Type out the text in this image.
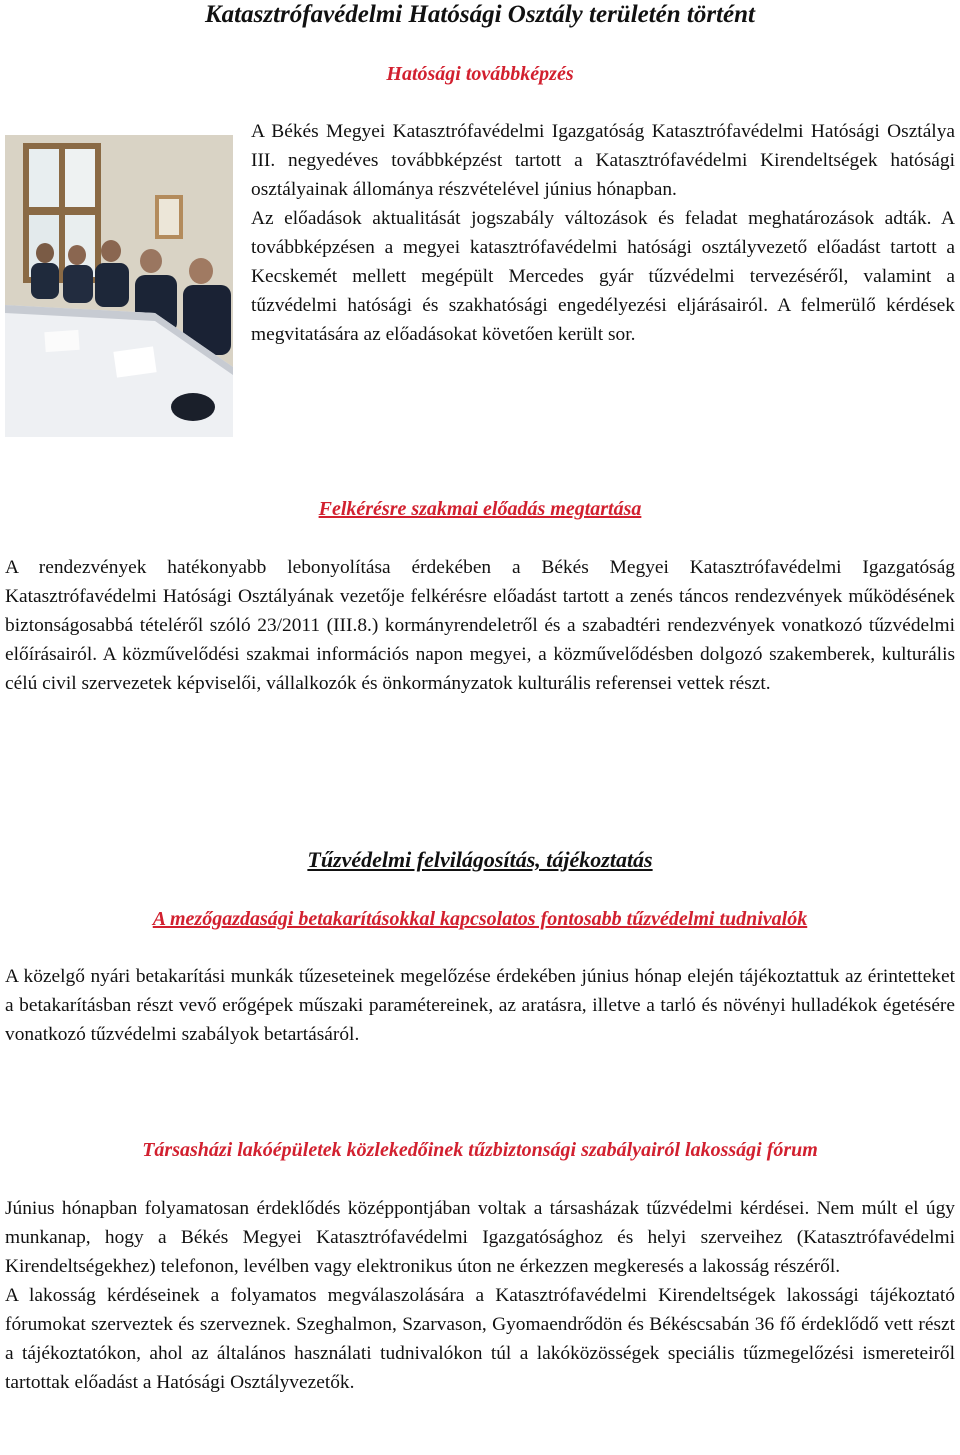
Katasztrófavédelmi Hatósági Osztály területén történt
Hatósági továbbképzés

A Békés Megyei Katasztrófavédelmi Igazgatóság Katasztrófavédelmi Hatósági Osztálya III. negyedéves továbbképzést tartott a Katasztrófavédelmi Kirendeltségek hatósági osztályainak állománya részvételével június hónapban.

Az előadások aktualitását jogszabály változások és feladat meghatározások adták. A továbbképzésen a megyei katasztrófavédelmi hatósági osztályvezető előadást tartott a Kecskemét mellett megépült Mercedes gyár tűzvédelmi tervezéséről, valamint a tűzvédelmi hatósági és szakhatósági engedélyezési eljárásairól. A felmerülő kérdések megvitatására az előadásokat követően került sor.

Felkérésre szakmai előadás megtartása
A rendezvények hatékonyabb lebonyolítása érdekében a Békés Megyei Katasztrófavédelmi Igazgatóság Katasztrófavédelmi Hatósági Osztályának vezetője felkérésre előadást tartott a zenés táncos rendezvények működésének biztonságosabbá tételéről szóló 23/2011 (III.8.) kormányrendeletről és a szabadtéri rendezvények vonatkozó tűzvédelmi előírásairól. A közművelődési szakmai információs napon megyei, a közművelődésben dolgozó szakemberek, kulturális célú civil szervezetek képviselői, vállalkozók és önkormányzatok kulturális referensei vettek részt.
Tűzvédelmi felvilágosítás, tájékoztatás
A mezőgazdasági betakarításokkal kapcsolatos fontosabb tűzvédelmi tudnivalók
A közelgő nyári betakarítási munkák tűzeseteinek megelőzése érdekében június hónap elején tájékoztattuk az érintetteket a betakarításban részt vevő erőgépek műszaki paramétereinek, az aratásra, illetve a tarló és növényi hulladékok égetésére vonatkozó tűzvédelmi szabályok betartásáról.
Társasházi lakóépületek közlekedőinek tűzbiztonsági szabályairól lakossági fórum

Június hónapban folyamatosan érdeklődés középpontjában voltak a társasházak tűzvédelmi kérdései. Nem múlt el úgy munkanap, hogy a Békés Megyei Katasztrófavédelmi Igazgatósághoz és helyi szerveihez (Katasztrófavédelmi Kirendeltségekhez) telefonon, levélben vagy elektronikus úton ne érkezzen megkeresés a lakosság részéről.

A lakosság kérdéseinek a folyamatos megválaszolására a Katasztrófavédelmi Kirendeltségek lakossági tájékoztató fórumokat szerveztek és szerveznek. Szeghalmon, Szarvason, Gyomaendrődön és Békéscsabán 36 fő érdeklődő vett részt a tájékoztatókon, ahol az általános használati tudnivalókon túl a lakóközösségek speciális tűzmegelőzési ismereteiről tartottak előadást a Hatósági Osztályvezetők.
